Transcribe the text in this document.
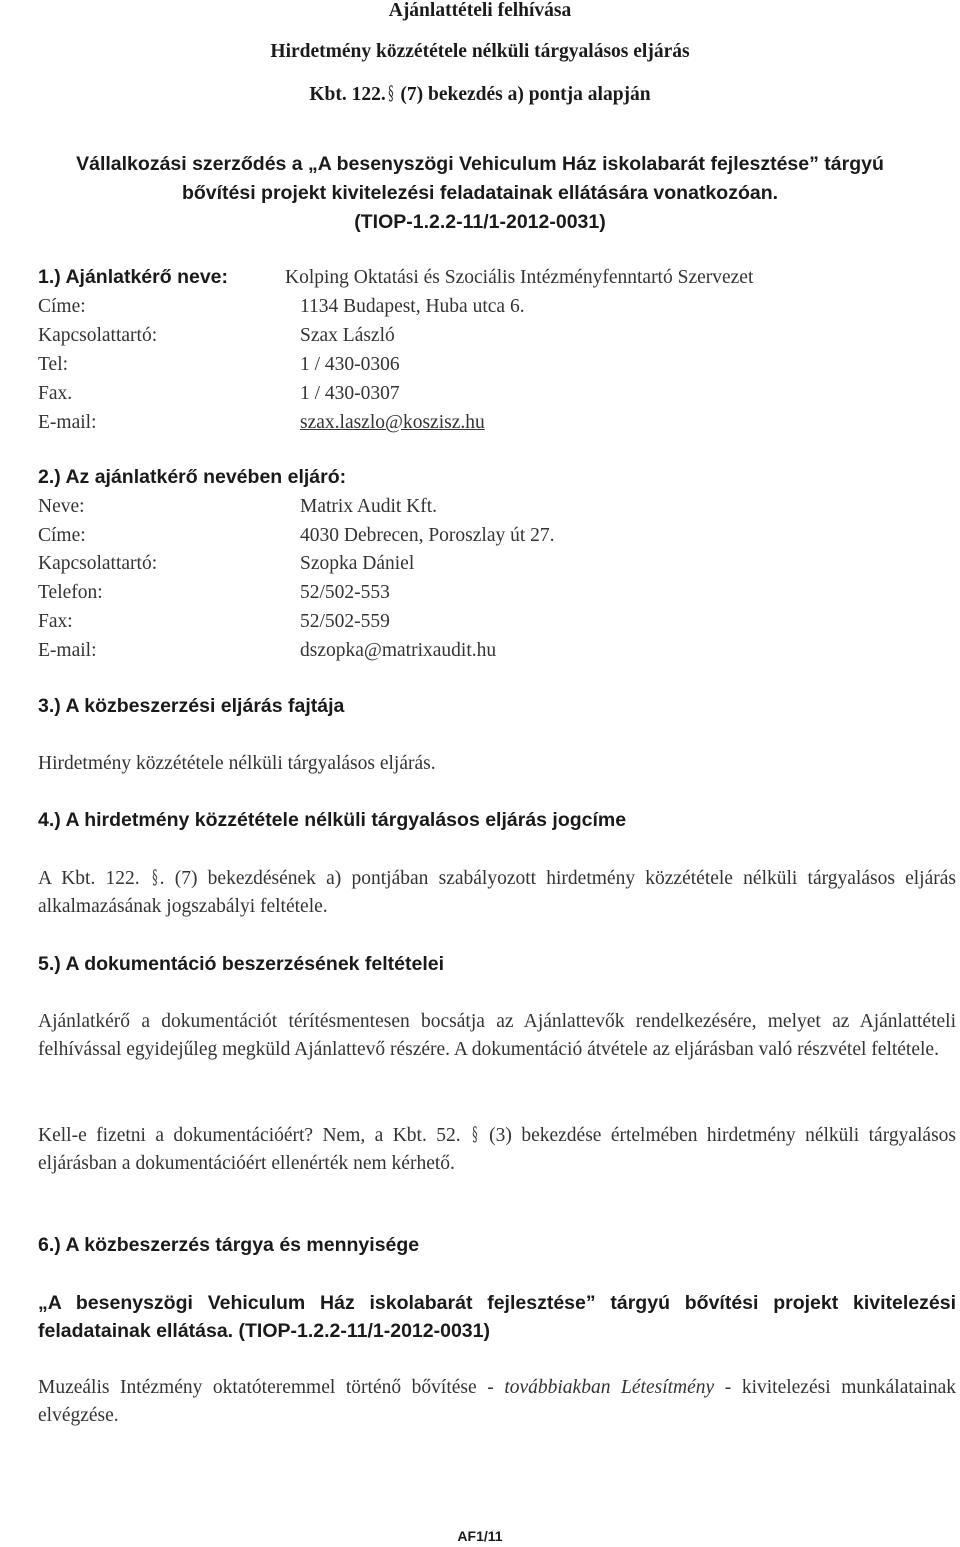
Ajánlattételi felhívása

Hirdetmény közzététele nélküli tárgyalásos eljárás

Kbt. 122. § (7) bekezdés a) pontja alapján

Vállalkozási szerződés a „A besenyszögi Vehiculum Ház iskolabarát fejlesztése” tárgyú
bővítési projekt kivitelezési feladatainak ellátására vonatkozóan.
(TIOP-1.2.2-11/1-2012-0031)

1.) Ajánlatkérő neve:	Kolping Oktatási és Szociális Intézményfenntartó Szervezet
Címe:	1134 Budapest, Huba utca 6.
Kapcsolattartó:	Szax László
Tel:	1 / 430-0306
Fax.	1 / 430-0307
E-mail:	szax.laszlo@koszisz.hu

2.) Az ajánlatkérő nevében eljáró:

Neve:	Matrix Audit Kft.
Címe:	4030 Debrecen, Poroszlay út 27.
Kapcsolattartó:	Szopka Dániel
Telefon:	52/502-553
Fax:	52/502-559
E-mail:	dszopka@matrixaudit.hu

3.) A közbeszerzési eljárás fajtája

Hirdetmény közzététele nélküli tárgyalásos eljárás.

4.) A hirdetmény közzététele nélküli tárgyalásos eljárás jogcíme

A Kbt. 122. § . (7) bekezdésének a) pontjában szabályozott hirdetmény közzététele nélküli tárgyalásos eljárás alkalmazásának jogszabályi feltétele.

5.) A dokumentáció beszerzésének feltételei

Ajánlatkérő a dokumentációt térítésmentesen bocsátja az Ajánlattevők rendelkezésére, melyet az Ajánlattételi felhívással egyidejűleg megküld Ajánlattevő részére. A dokumentáció átvétele az eljárásban való részvétel feltétele.

Kell-e fizetni a dokumentációért? Nem, a Kbt. 52. § (3) bekezdése értelmében hirdetmény nélküli tárgyalásos eljárásban a dokumentációért ellenérték nem kérhető.

6.) A közbeszerzés tárgya és mennyisége

„A besenyszögi Vehiculum Ház iskolabarát fejlesztése” tárgyú bővítési projekt kivitelezési feladatainak ellátása. (TIOP-1.2.2-11/1-2012-0031)

Muzeális Intézmény oktatóteremmel történő bővítése - továbbiakban Létesítmény - kivitelezési munkálatainak elvégzése.

AF1/11
